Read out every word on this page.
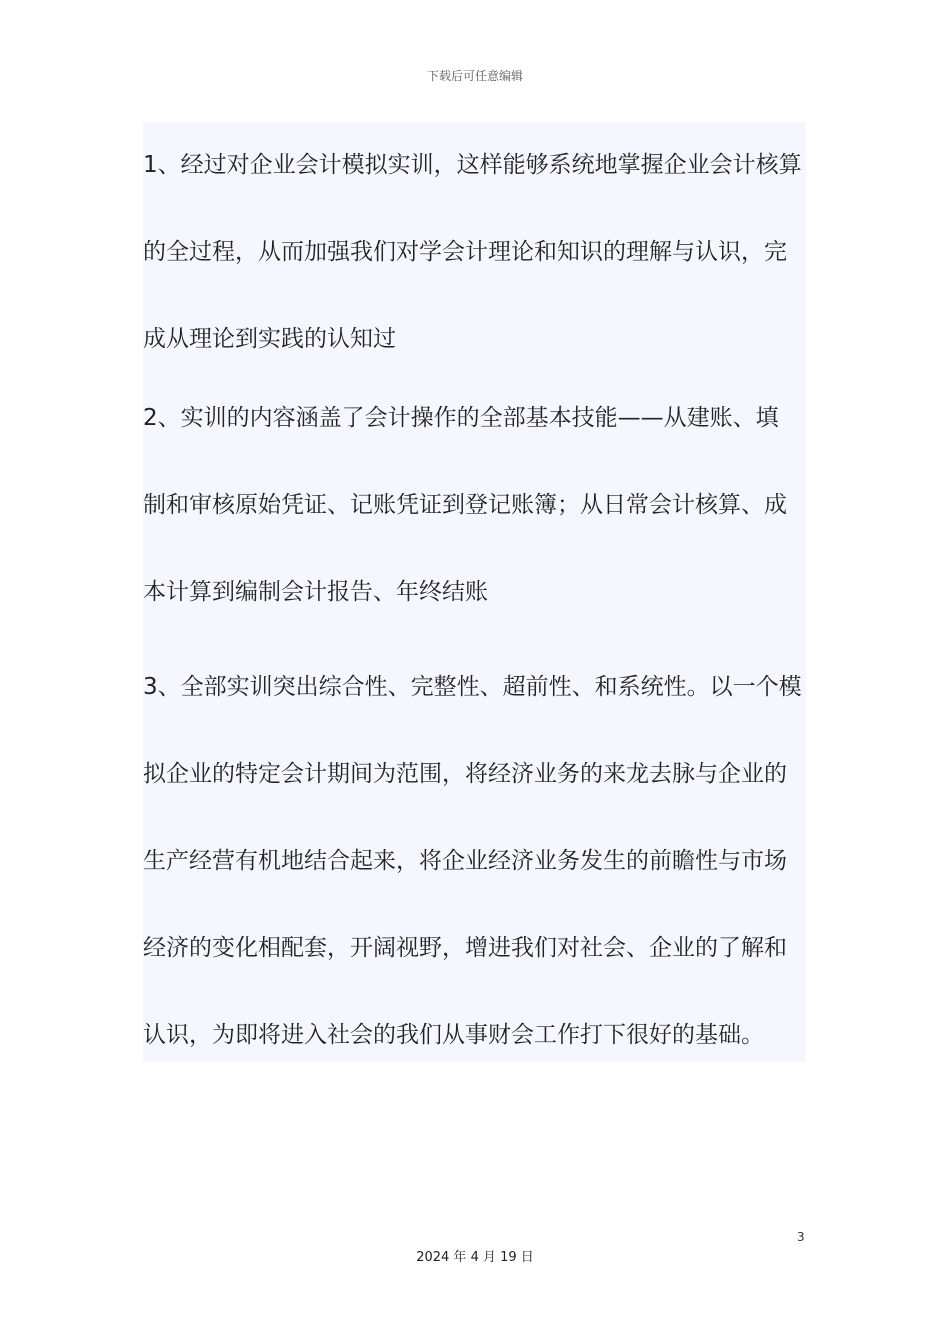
下载后可任意编辑

1、经过对企业会计模拟实训，这样能够系统地掌握企业会计核算
的全过程，从而加强我们对学会计理论和知识的理解与认识，完
成从理论到实践的认知过

2、实训的内容涵盖了会计操作的全部基本技能——从建账、填
制和审核原始凭证、记账凭证到登记账簿；从日常会计核算、成
本计算到编制会计报告、年终结账

3、全部实训突出综合性、完整性、超前性、和系统性。以一个模
拟企业的特定会计期间为范围，将经济业务的来龙去脉与企业的
生产经营有机地结合起来，将企业经济业务发生的前瞻性与市场
经济的变化相配套，开阔视野，增进我们对社会、企业的了解和
认识，为即将进入社会的我们从事财会工作打下很好的基础。

3
2024 年 4 月 19 日
